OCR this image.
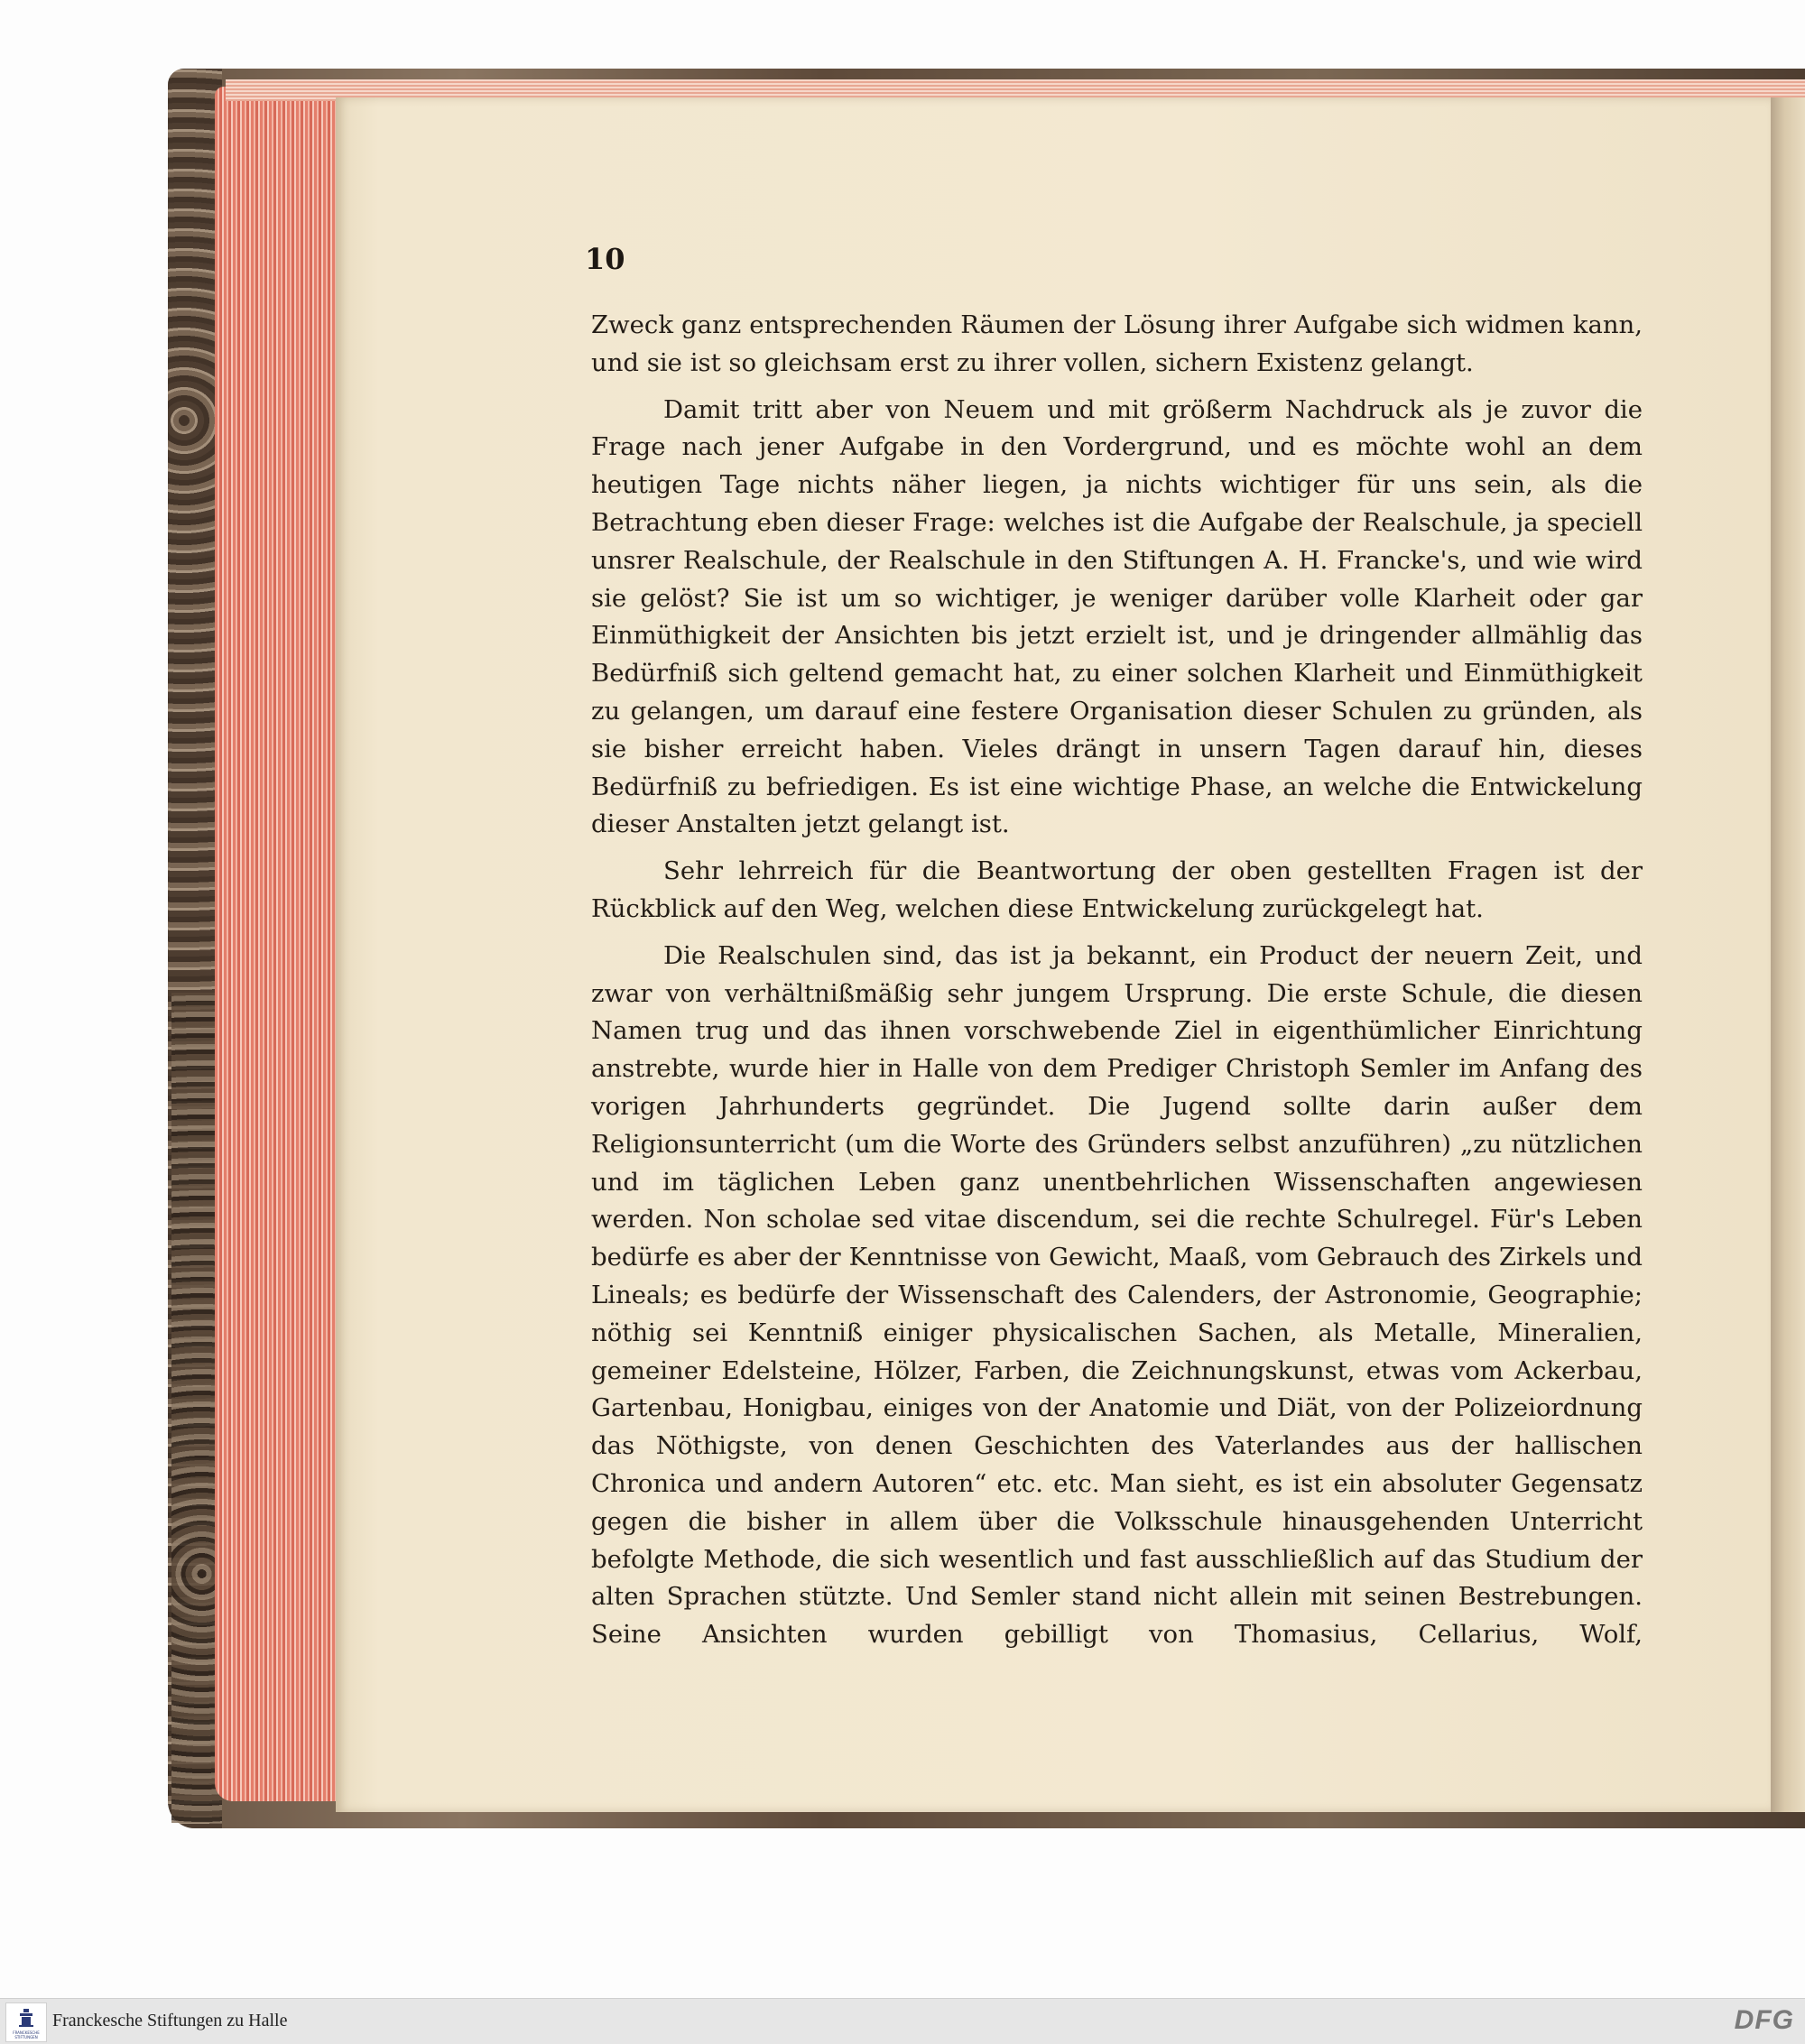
10

Zweck ganz entsprechenden Räumen der Lösung ihrer Aufgabe sich widmen kann, und sie ist so gleichsam erst zu ihrer vollen, sichern Existenz gelangt.

Damit tritt aber von Neuem und mit größerm Nachdruck als je zuvor die Frage nach jener Aufgabe in den Vordergrund, und es möchte wohl an dem heutigen Tage nichts näher liegen, ja nichts wichtiger für uns sein, als die Betrachtung eben dieser Frage: welches ist die Aufgabe der Realschule, ja speciell unsrer Realschule, der Realschule in den Stiftungen A. H. Francke's, und wie wird sie gelöst? Sie ist um so wichtiger, je weniger darüber volle Klarheit oder gar Einmüthigkeit der Ansichten bis jetzt erzielt ist, und je dringender allmählig das Bedürfniß sich geltend gemacht hat, zu einer solchen Klarheit und Einmüthigkeit zu gelangen, um darauf eine festere Organisation dieser Schulen zu gründen, als sie bisher erreicht haben. Vieles drängt in unsern Tagen darauf hin, dieses Bedürfniß zu befriedigen. Es ist eine wichtige Phase, an welche die Entwickelung dieser Anstalten jetzt gelangt ist.

Sehr lehrreich für die Beantwortung der oben gestellten Fragen ist der Rückblick auf den Weg, welchen diese Entwickelung zurückgelegt hat.

Die Realschulen sind, das ist ja bekannt, ein Product der neuern Zeit, und zwar von verhältnißmäßig sehr jungem Ursprung. Die erste Schule, die diesen Namen trug und das ihnen vorschwebende Ziel in eigenthümlicher Einrichtung anstrebte, wurde hier in Halle von dem Prediger Christoph Semler im Anfang des vorigen Jahrhunderts gegründet. Die Jugend sollte darin außer dem Religionsunterricht (um die Worte des Gründers selbst anzuführen) „zu nützlichen und im täglichen Leben ganz unentbehrlichen Wissenschaften angewiesen werden. Non scholae sed vitae discendum, sei die rechte Schulregel. Für's Leben bedürfe es aber der Kenntnisse von Gewicht, Maaß, vom Gebrauch des Zirkels und Lineals; es bedürfe der Wissenschaft des Calenders, der Astronomie, Geographie; nöthig sei Kenntniß einiger physicalischen Sachen, als Metalle, Mineralien, gemeiner Edelsteine, Hölzer, Farben, die Zeichnungskunst, etwas vom Ackerbau, Gartenbau, Honigbau, einiges von der Anatomie und Diät, von der Polizeiordnung das Nöthigste, von denen Geschichten des Vaterlandes aus der hallischen Chronica und andern Autoren“ etc. etc. Man sieht, es ist ein absoluter Gegensatz gegen die bisher in allem über die Volksschule hinausgehenden Unterricht befolgte Methode, die sich wesentlich und fast ausschließlich auf das Studium der alten Sprachen stützte. Und Semler stand nicht allein mit seinen Bestrebungen. Seine Ansichten wurden gebilligt von Thomasius, Cellarius, Wolf,

FRANCKESCHE STIFTUNGEN
Franckesche Stiftungen zu Halle	DFG
